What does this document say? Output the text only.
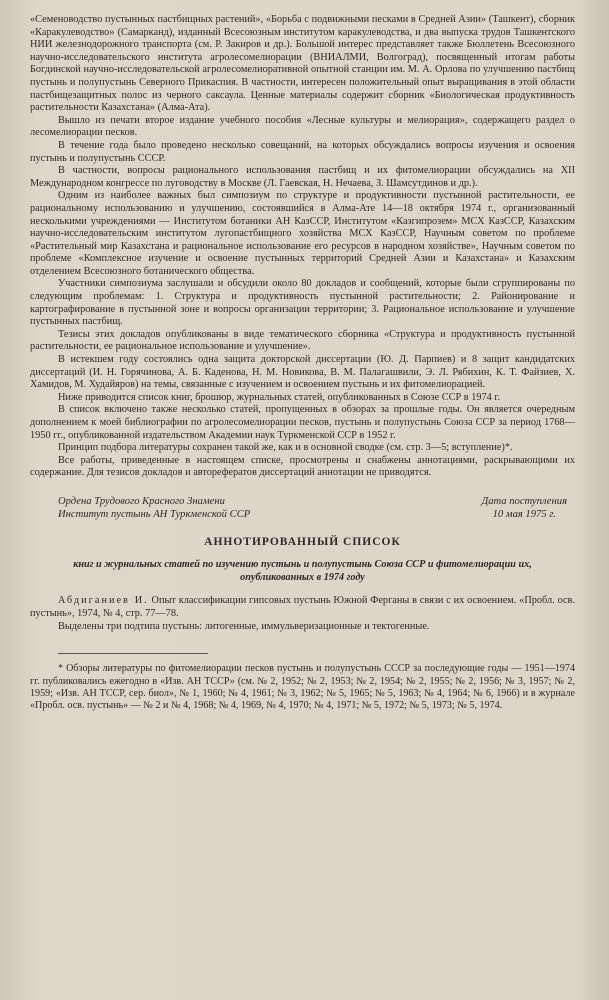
«Семеноводство пустынных пастбищных растений», «Борьба с подвижными песками в Средней Азии» (Ташкент), сборник «Каракулеводство» (Самарканд), изданный Всесоюзным институтом каракулеводства, и два выпуска трудов Ташкентского НИИ железнодорожного транспорта (см. Р. Закиров и др.). Большой интерес представляет также Бюллетень Всесоюзного научно-исследовательского института агролесомелиорации (ВНИАЛМИ, Волгоград), посвященный итогам работы Богдинской научно-исследовательской агролесомелиоративной опытной станции им. М. А. Орлова по улучшению пастбищ пустынь и полупустынь Северного Прикаспия. В частности, интересен положительный опыт выращивания в этой области пастбищезащитных полос из черного саксаула. Ценные материалы содержит сборник «Биологическая продуктивность растительности Казахстана» (Алма-Ата).

Вышло из печати второе издание учебного пособия «Лесные культуры и мелиорация», содержащего раздел о лесомелиорации песков.

В течение года было проведено несколько совещаний, на которых обсуждались вопросы изучения и освоения пустынь и полупустынь СССР.

В частности, вопросы рационального использования пастбищ и их фитомелиорации обсуждались на XII Международном конгрессе по луговодству в Москве (Л. Гаевская, Н. Нечаева, З. Шамсутдинов и др.).

Одним из наиболее важных был симпозиум по структуре и продуктивности пустынной растительности, ее рациональному использованию и улучшению, состоявшийся в Алма-Ате 14—18 октября 1974 г., организованный несколькими учреждениями — Институтом ботаники АН КазССР, Институтом «Казгипрозем» МСХ КазССР, Казахским научно-исследовательским институтом лугопастбищного хозяйства МСХ КазССР, Научным советом по проблеме «Растительный мир Казахстана и рациональное использование его ресурсов в народном хозяйстве», Научным советом по проблеме «Комплексное изучение и освоение пустынных территорий Средней Азии и Казахстана» и Казахским отделением Всесоюзного ботанического общества.

Участники симпозиума заслушали и обсудили около 80 докладов и сообщений, которые были сгруппированы по следующим проблемам: 1. Структура и продуктивность пустынной растительности; 2. Районирование и картографирование в пустынной зоне и вопросы организации территории; 3. Рациональное использование и улучшение пустынных пастбищ.

Тезисы этих докладов опубликованы в виде тематического сборника «Структура и продуктивность пустынной растительности, ее рациональное использование и улучшение».

В истекшем году состоялись одна защита докторской диссертации (Ю. Д. Парпиев) и 8 защит кандидатских диссертаций (И. Н. Горячинова, А. Б. Каденова, Н. М. Новикова, В. М. Палагашвили, Э. Л. Рябихин, К. Т. Файзиев, Х. Хамидов, М. Худайяров) на темы, связанные с изучением и освоением пустынь и их фитомелиорацией.

Ниже приводится список книг, брошюр, журнальных статей, опубликованных в Союзе ССР в 1974 г.

В список включено также несколько статей, пропущенных в обзорах за прошлые годы. Он является очередным дополнением к моей библиографии по агролесомелиорации песков, пустынь и полупустынь Союза ССР за период 1768—1950 гг., опубликованной издательством Академии наук Туркменской ССР в 1952 г.

Принцип подбора литературы сохранен такой же, как и в основной сводке (см. стр. 3—5; вступление)*.

Все работы, приведенные в настоящем списке, просмотрены и снабжены аннотациями, раскрывающими их содержание. Для тезисов докладов и авторефератов диссертаций аннотации не приводятся.

Ордена Трудового Красного Знамени
Институт пустынь АН Туркменской ССР
Дата поступления
10 мая 1975 г.
АННОТИРОВАННЫЙ СПИСОК
книг и журнальных статей по изучению пустынь и полупустынь Союза ССР и фитомелиорации их, опубликованных в 1974 году

Абдиганиев И. Опыт классификации гипсовых пустынь Южной Ферганы в связи с их освоением. «Пробл. осв. пустынь», 1974, № 4, стр. 77—78.

Выделены три подтипа пустынь: литогенные, иммульверизационные и тектогенные.

* Обзоры литературы по фитомелиорации песков пустынь и полупустынь СССР за последующие годы — 1951—1974 гг. публиковались ежегодно в «Изв. АН ТССР» (см. № 2, 1952; № 2, 1953; № 2, 1954; № 2, 1955; № 2, 1956; № 3, 1957; № 2, 1959; «Изв. АН ТССР, сер. биол», № 1, 1960; № 4, 1961; № 3, 1962; № 5, 1965; № 5, 1963; № 4, 1964; № 6, 1966) и в журнале «Пробл. осв. пустынь» — № 2 и № 4, 1968; № 4, 1969, № 4, 1970; № 4, 1971; № 5, 1972; № 5, 1973; № 5, 1974.
